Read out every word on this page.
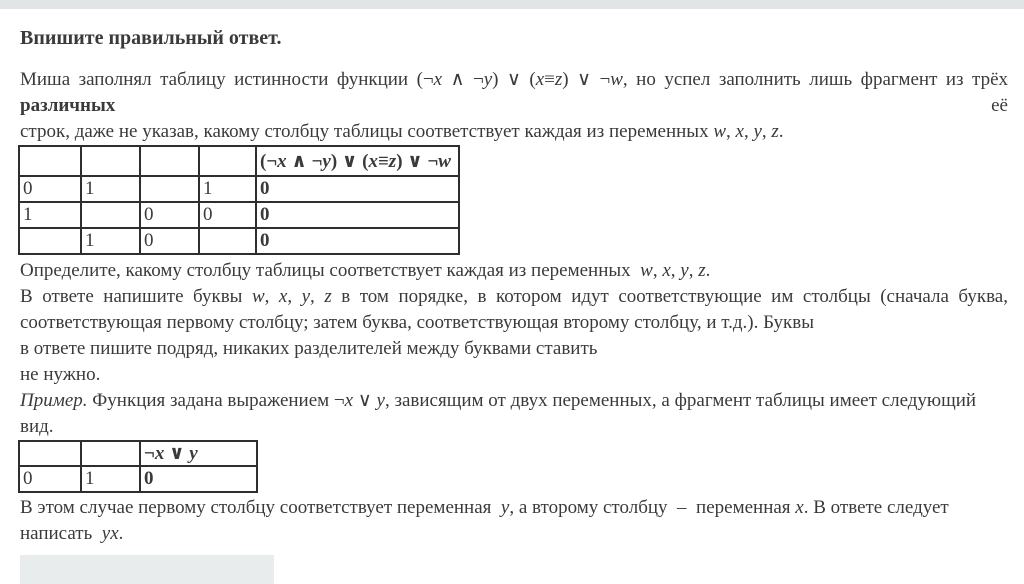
Впишите правильный ответ.
Миша заполнял таблицу истинности функции (¬x ∧ ¬y) ∨ (x≡z) ∨ ¬w, но успел заполнить лишь фрагмент из трёх различных её
строк, даже не указав, какому столбцу таблицы соответствует каждая из переменных w, x, y, z.
				(¬x ∧ ¬y) ∨ (x≡z) ∨ ¬w
0	1		1	0
1		0	0	0
	1	0		0
Определите, какому столбцу таблицы соответствует каждая из переменных  w, x, y, z.
В ответе напишите буквы w, x, y, z в том порядке, в котором идут соответствующие им столбцы (сначала буква,
соответствующая первому столбцу; затем буква, соответствующая второму столбцу, и т.д.). Буквы
в ответе пишите подряд, никаких разделителей между буквами ставить
не нужно.
Пример. Функция задана выражением ¬x ∨ y, зависящим от двух переменных, а фрагмент таблицы имеет следующий вид.
		¬x ∨ y
0	1	0
В этом случае первому столбцу соответствует переменная  y, а второму столбцу  –  переменная x. В ответе следует написать  yx.
